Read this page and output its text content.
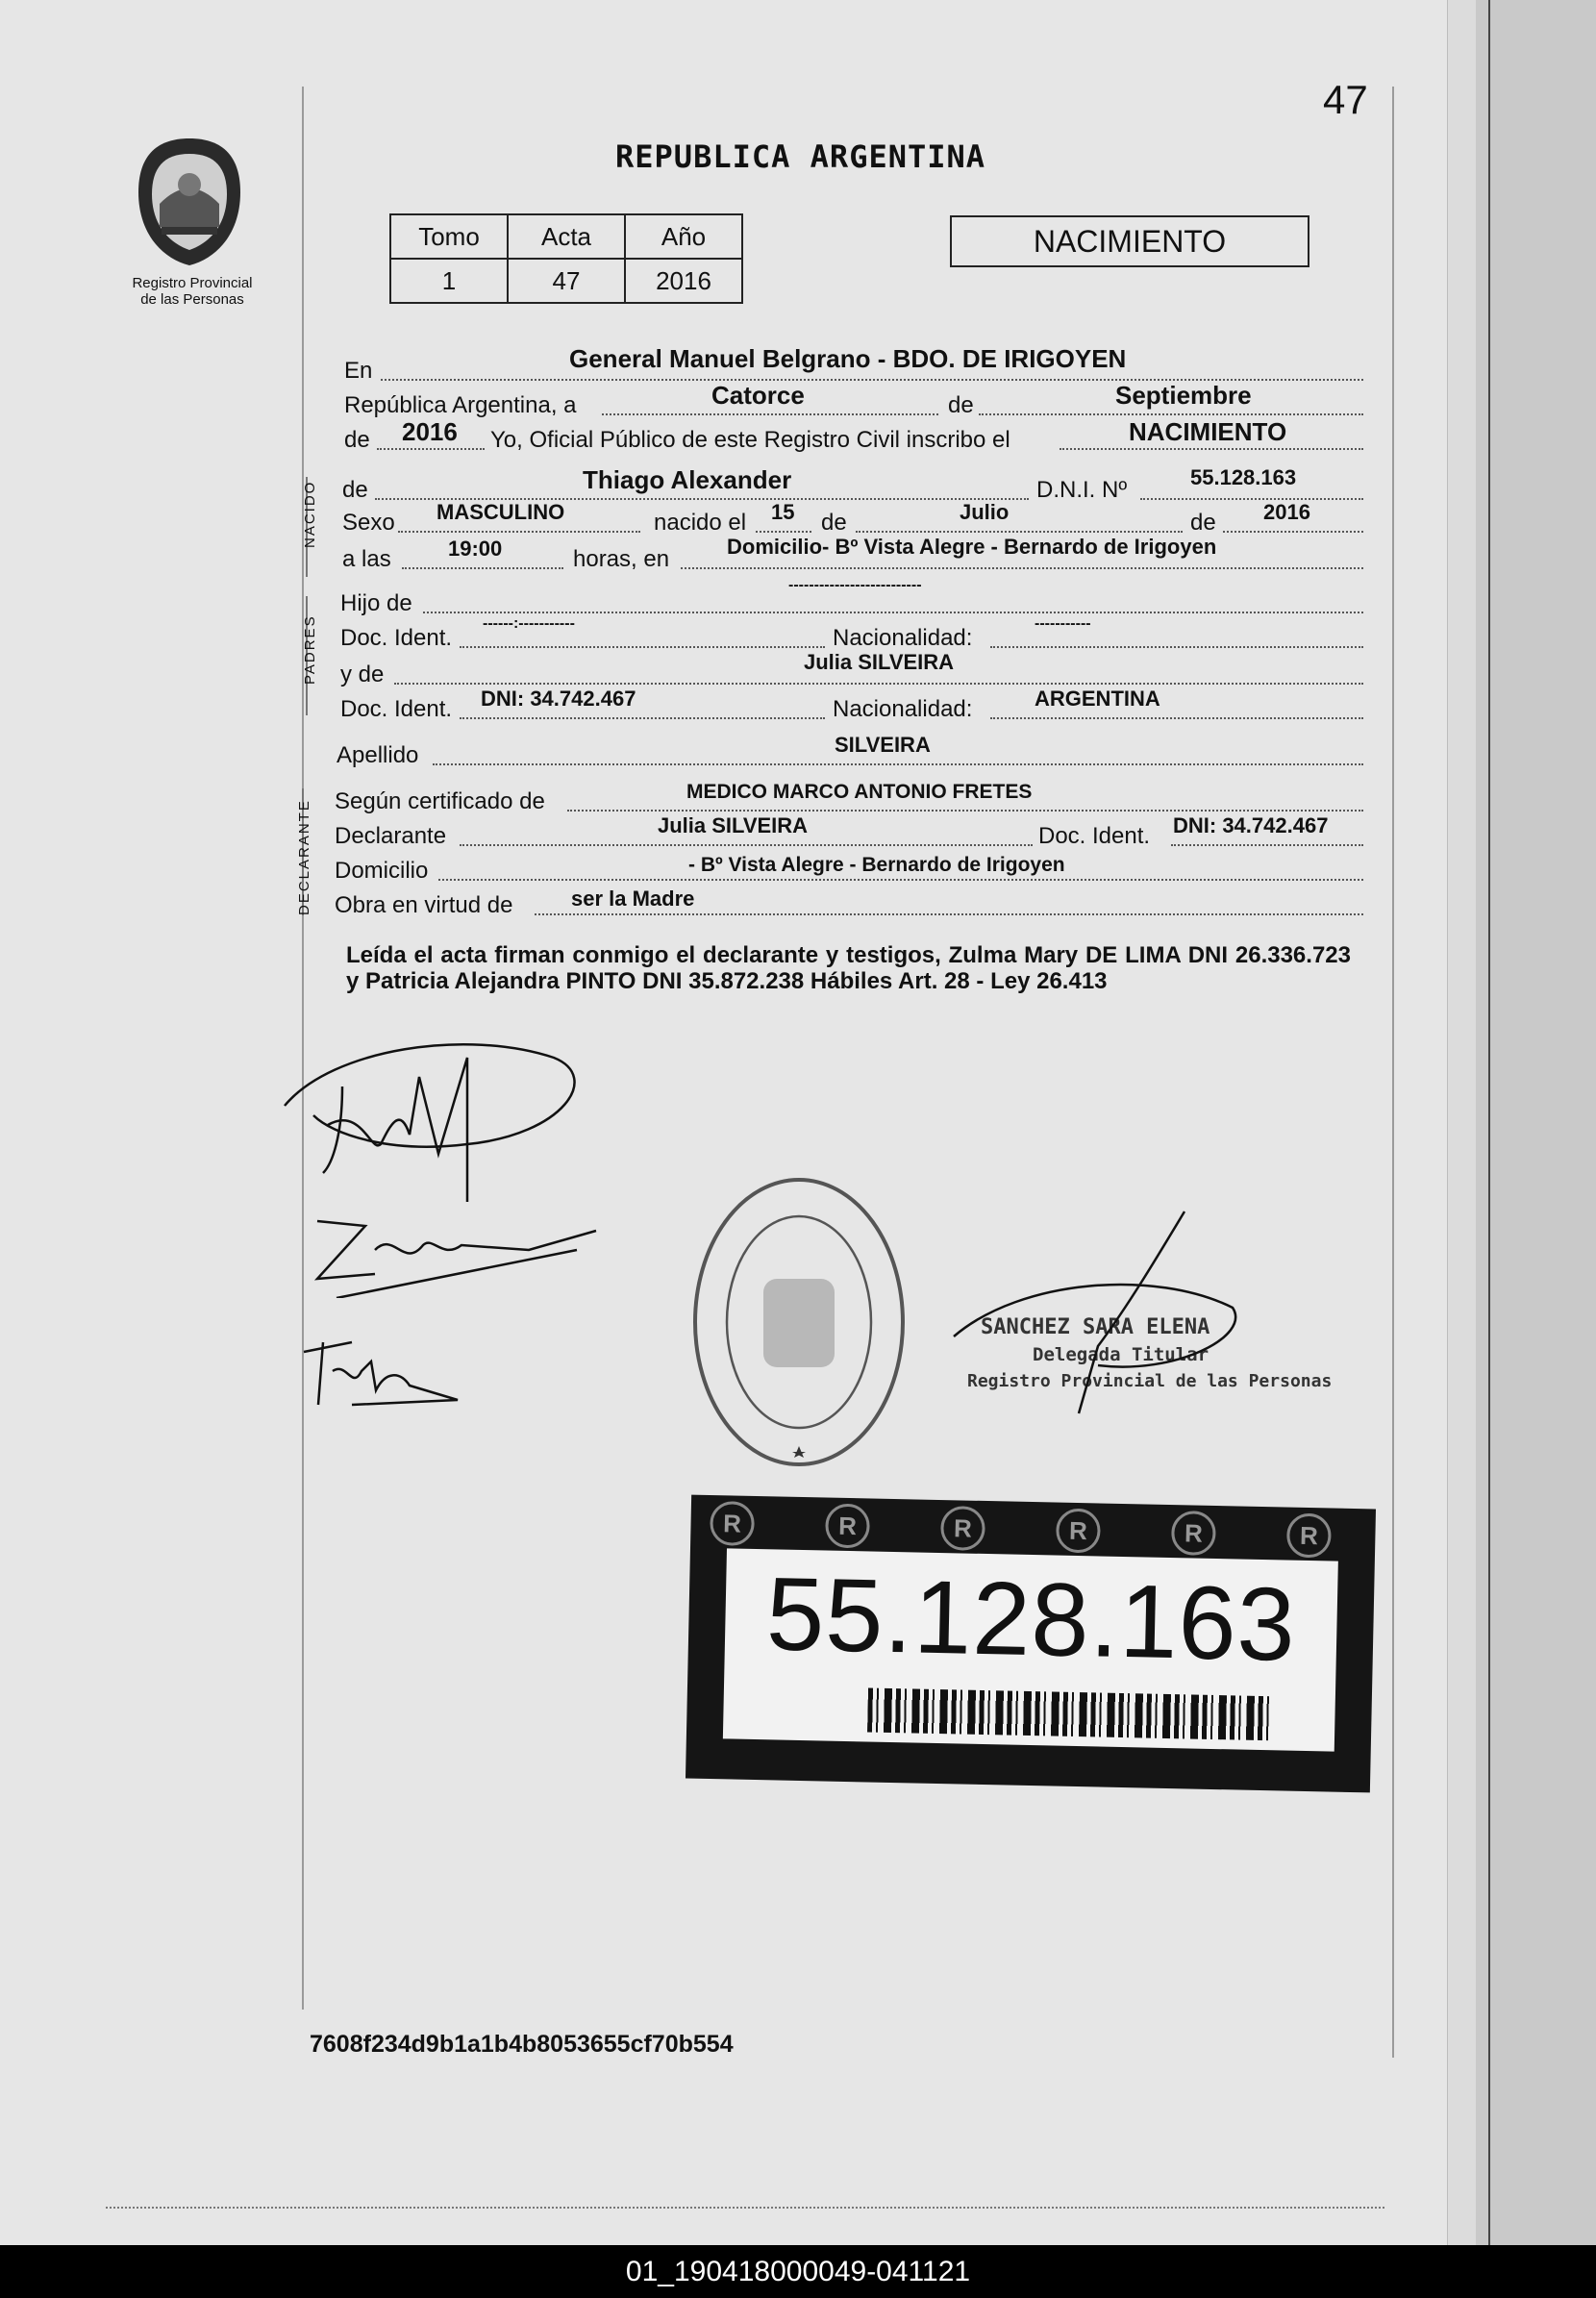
47
REPUBLICA ARGENTINA
Registro Provincial
de las Personas
Tomo	Acta	Año
1	47	2016
NACIMIENTO
En	General Manuel Belgrano - BDO. DE IRIGOYEN
República Argentina, a	Catorce	de	Septiembre
de 2016 Yo, Oficial Público de este Registro Civil inscribo el	NACIMIENTO
NACIDO de	Thiago Alexander	D.N.I. Nº	55.128.163
Sexo MASCULINO	nacido el 15 de	Julio	de 2016
a las	19:00	horas, en	Domicilio- Bº Vista Alegre - Bernardo de Irigoyen
PADRES
Hijo de
--------------------------
Doc. Ident.
------:-----------
Nacionalidad:
-----------
y de	Julia SILVEIRA
Doc. Ident. DNI: 34.742.467	Nacionalidad:	ARGENTINA
Apellido	SILVEIRA
DECLARANTE Según certificado de	MEDICO MARCO ANTONIO FRETES
Declarante	Julia SILVEIRA	Doc. Ident. DNI: 34.742.467
Domicilio	- Bº Vista Alegre - Bernardo de Irigoyen
Obra en virtud de	ser la Madre
Leída el acta firman conmigo el declarante y testigos, Zulma Mary DE LIMA DNI 26.336.723 y Patricia Alejandra PINTO DNI 35.872.238 Hábiles Art. 28 - Ley 26.413
SANCHEZ SARA ELENA
Delegada Titular
Registro Provincial de las Personas
R	R	R	R	R	R
55.128.163
7608f234d9b1a1b4b8053655cf70b554
01_190418000049-041121
